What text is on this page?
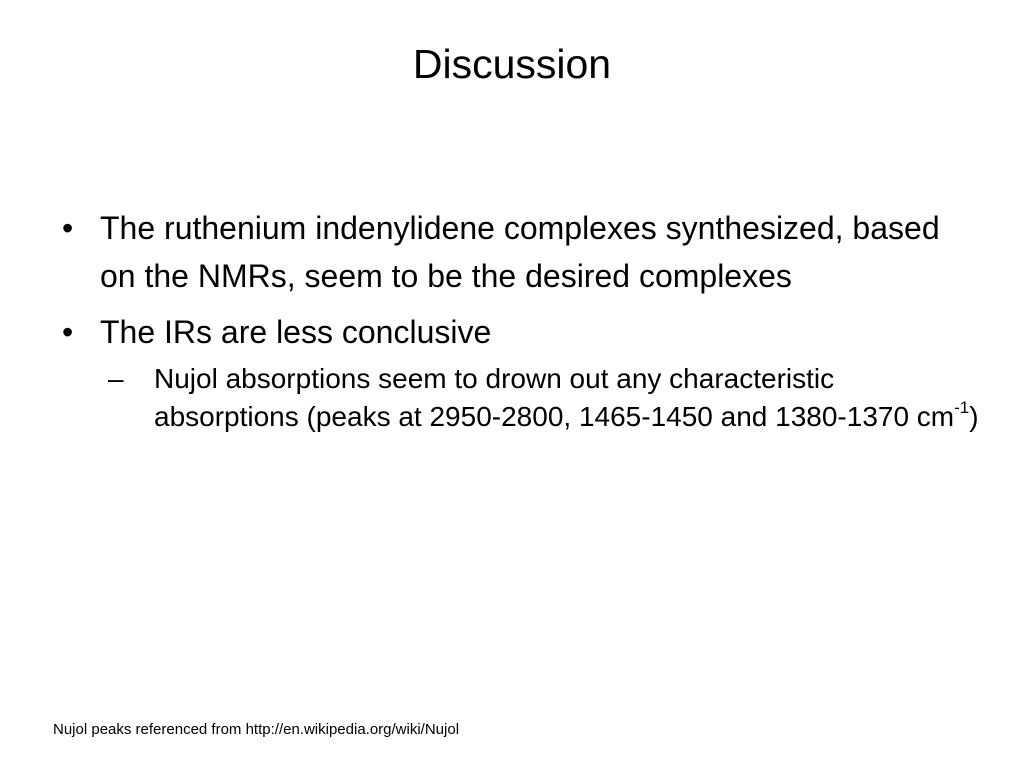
Discussion
• The ruthenium indenylidene complexes synthesized, based on the NMRs, seem to be the desired complexes
• The IRs are less conclusive
– Nujol absorptions seem to drown out any characteristic absorptions (peaks at 2950-2800, 1465-1450 and 1380-1370 $cm^{-1}$)
Nujol peaks referenced from http://en.wikipedia.org/wiki/Nujol
